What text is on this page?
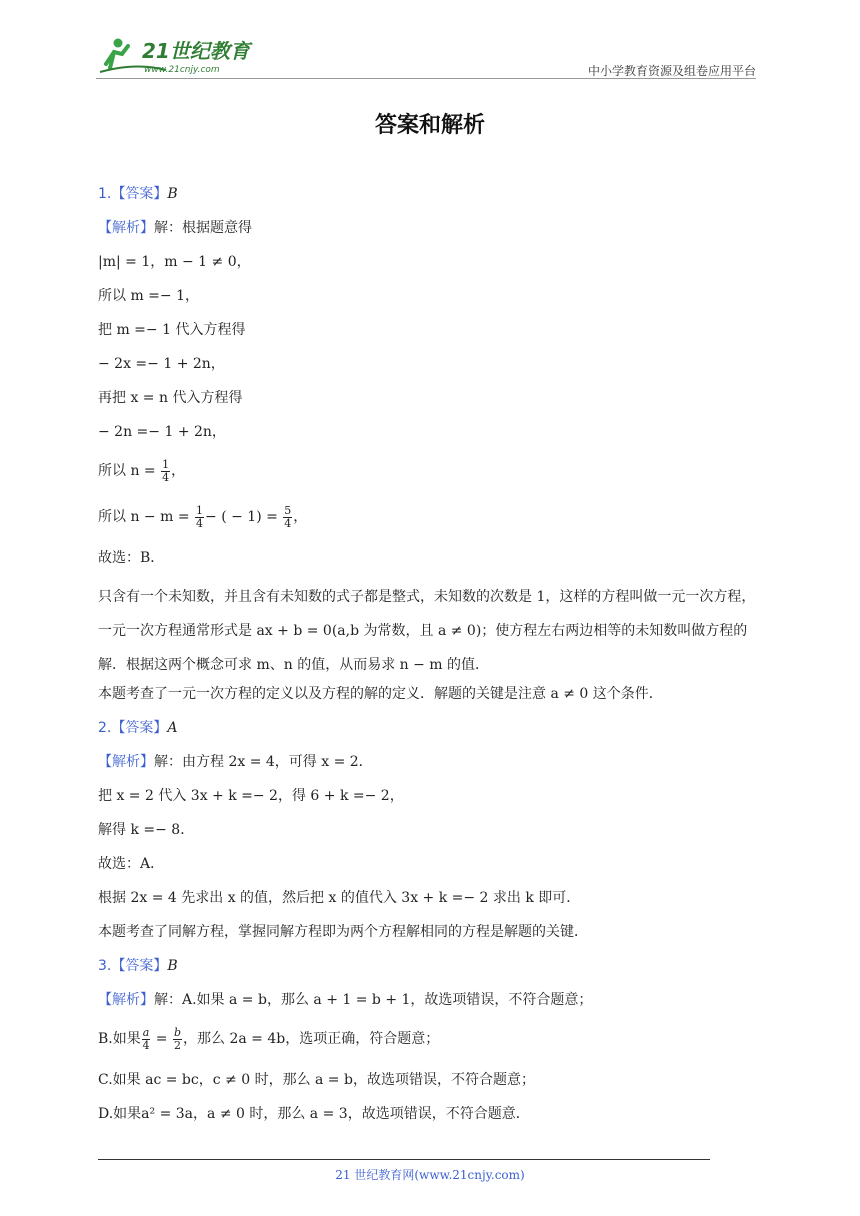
21世纪教育
www.21cnjy.com	中小学教育资源及组卷应用平台
答案和解析
1.【答案】B
【解析】解：根据题意得
|m| = 1，m − 1 ≠ 0，
所以 m =− 1，
把 m =− 1 代入方程得
− 2x =− 1 + 2n，
再把 x = n 代入方程得
− 2n =− 1 + 2n，
所以 $n = \frac{1}{4}$ ，
所以 $n - m = \frac{1}{4}$ − ( − $1) = \frac{5}{4}$ ，
故选：B．
只含有一个未知数，并且含有未知数的式子都是整式，未知数的次数是 1，这样的方程叫做一元一次方程，一元一次方程通常形式是 ax + b = 0(a,b 为常数，且 a ≠ 0)；使方程左右两边相等的未知数叫做方程的解．根据这两个概念可求 m、n 的值，从而易求 n − m 的值．
本题考查了一元一次方程的定义以及方程的解的定义．解题的关键是注意 a ≠ 0 这个条件．
2.【答案】A
【解析】解：由方程 2x = 4，可得 x = 2．
把 x = 2 代入 3x + k =− 2，得 6 + k =− 2，
解得 k =− 8．
故选：A．
根据 2x = 4 先求出 x 的值，然后把 x 的值代入 3x + k =− 2 求出 k 即可．
本题考查了同解方程，掌握同解方程即为两个方程解相同的方程是解题的关键．
3.【答案】B
【解析】解：A.如果 a = b，那么 a + 1 = b + 1，故选项错误，不符合题意；
B.如果 $\frac{a}{4} = \frac{b}{2}$ ，那么 2a = 4b，选项正确，符合题意；
C.如果 ac = bc，c ≠ 0 时，那么 a = b，故选项错误，不符合题意；
D.如果a² = 3a，a ≠ 0 时，那么 a = 3，故选项错误，不符合题意．
21 世纪教育网(www.21cnjy.com)
